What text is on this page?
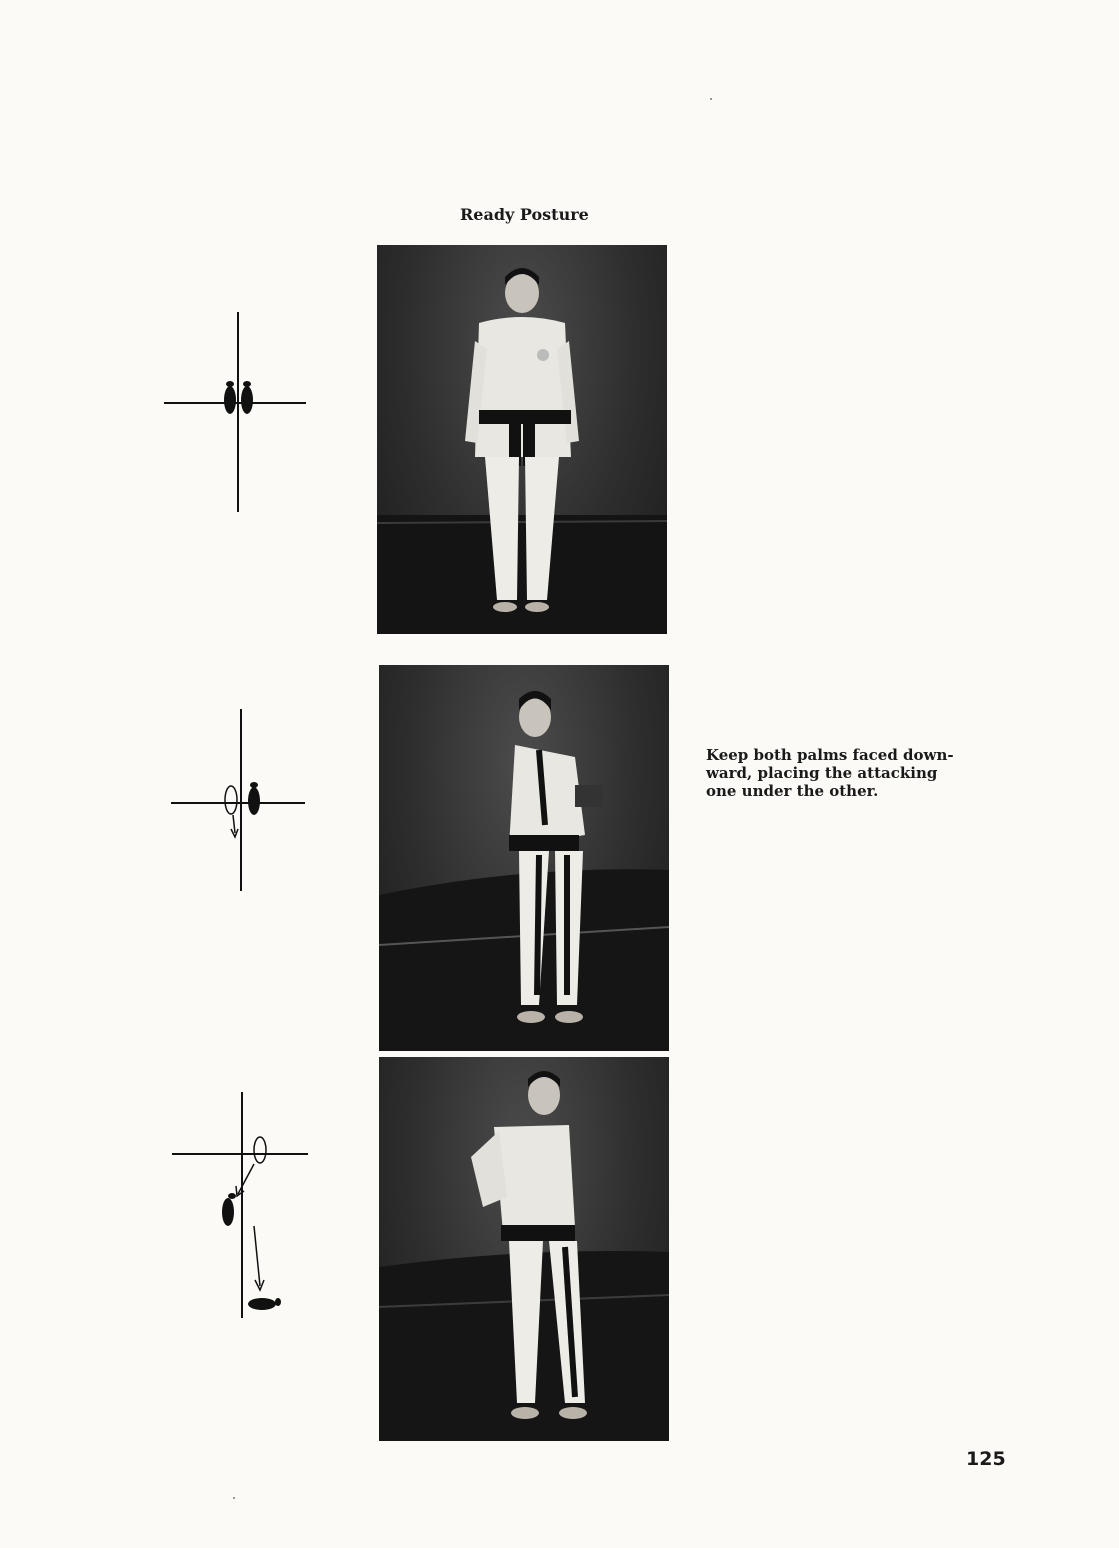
Ready Posture
Keep both palms faced down-
ward, placing the attacking
one under the other.
125
